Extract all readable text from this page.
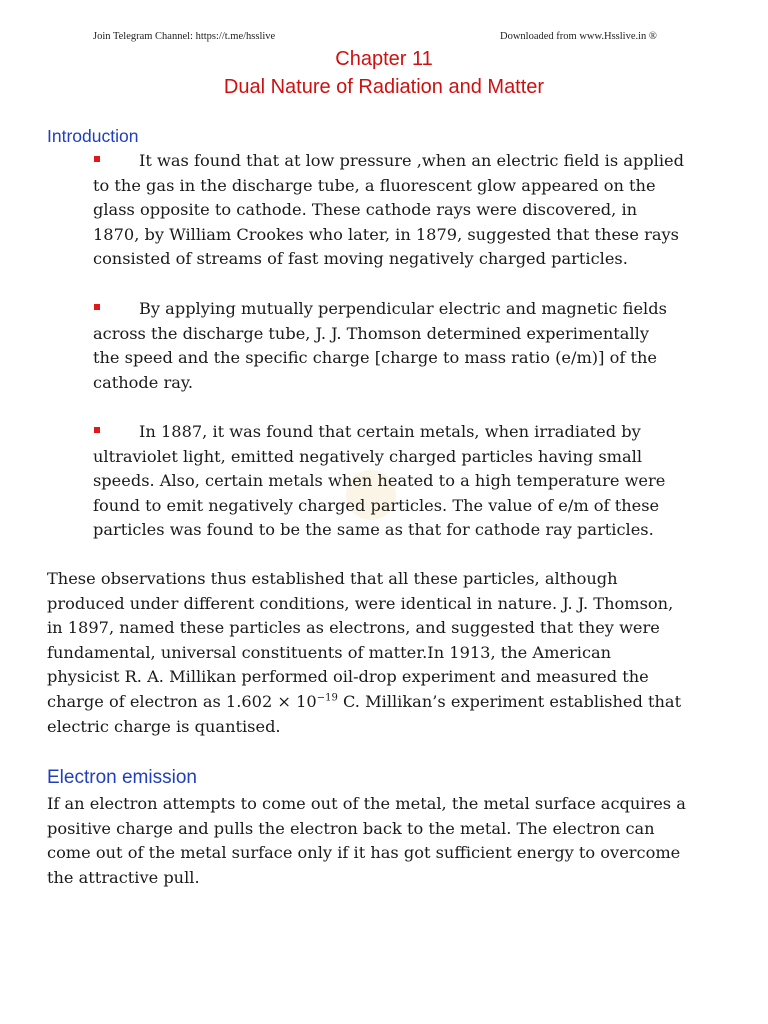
Join Telegram Channel: https://t.me/hsslive	Downloaded from www.Hsslive.in ®
Chapter 11
Dual Nature of Radiation and Matter
Introduction

It was found that at low pressure ,when an electric field is applied
to the gas in the discharge tube, a fluorescent glow appeared on the
glass opposite to cathode. These cathode rays were discovered, in
1870, by William Crookes who later, in 1879, suggested that these rays
consisted of streams of fast moving negatively charged particles.

By applying mutually perpendicular electric and magnetic fields
across the discharge tube, J. J. Thomson determined experimentally
the speed and the specific charge [charge to mass ratio (e/m)] of the
cathode ray.

In 1887, it was found that certain metals, when irradiated by
ultraviolet light, emitted negatively charged particles having small
speeds. Also, certain metals when heated to a high temperature were
found to emit negatively charged particles. The value of e/m of these
particles was found to be the same as that for cathode ray particles.

These observations thus established that all these particles, although
produced under different conditions, were identical in nature. J. J. Thomson,
in 1897, named these particles as electrons, and suggested that they were
fundamental, universal constituents of matter.In 1913, the American
physicist R. A. Millikan performed oil-drop experiment and measured the
charge of electron as $1.602 \times 10^{-19}$ C. Millikan’s experiment established that
electric charge is quantised.

Electron emission

If an electron attempts to come out of the metal, the metal surface acquires a
positive charge and pulls the electron back to the metal. The electron can
come out of the metal surface only if it has got sufficient energy to overcome
the attractive pull.
